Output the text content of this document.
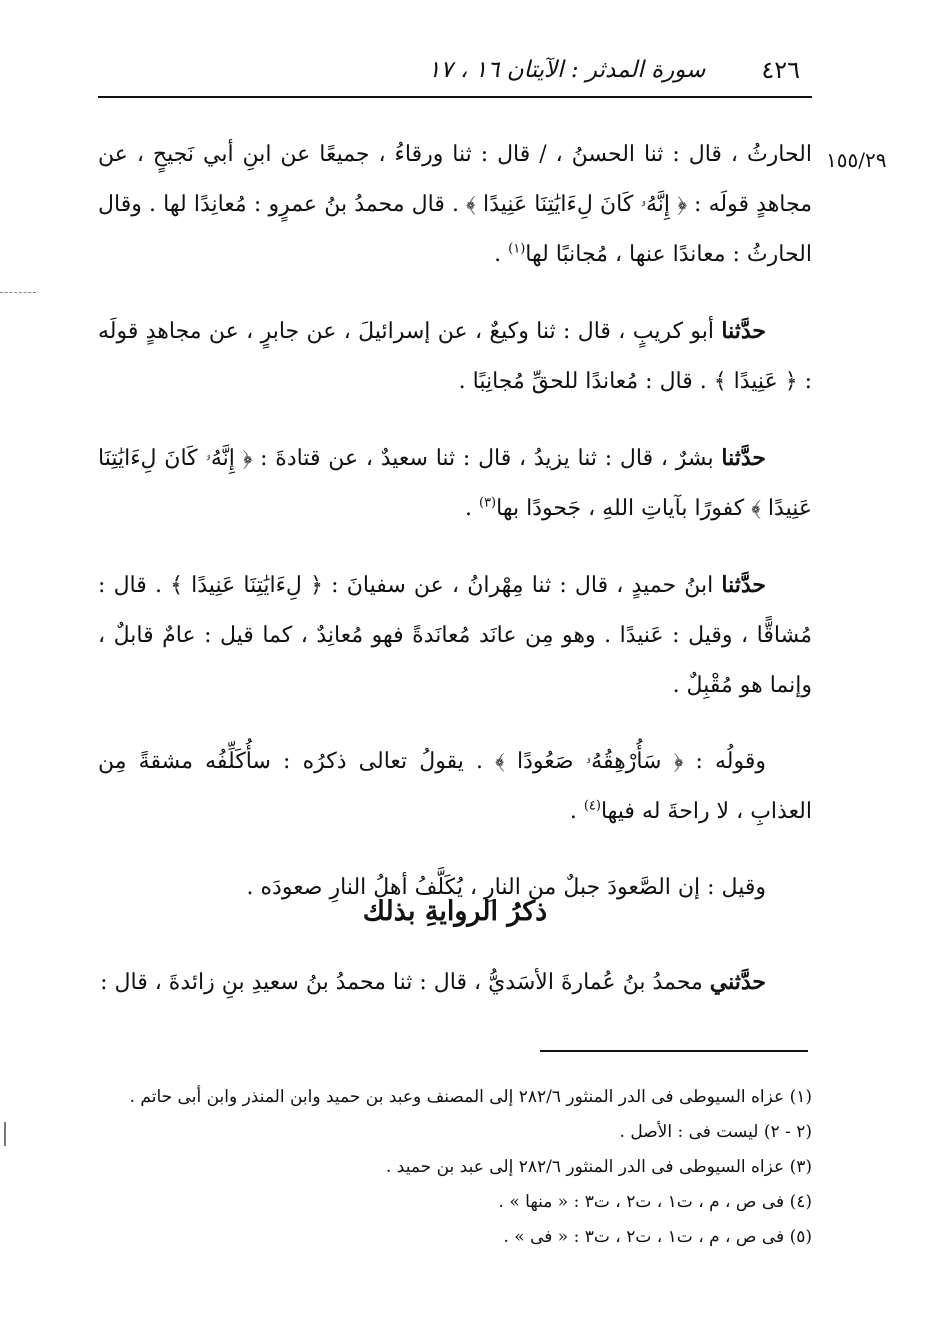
٤٢٦
سورة المدثر : الآيتان ١٦ ، ١٧
١٥٥/٢٩

الحارثُ ، قال : ثنا الحسنُ ، / قال : ثنا ورقاءُ ، جميعًا عن ابنِ أبي نَجيحٍ ، عن مجاهدٍ قولَه : ﴿ إِنَّهُۥ كَانَ لِءَايَٰتِنَا عَنِيدًا ﴾ . قال محمدُ بنُ عمرٍو : مُعانِدًا لها . وقال الحارثُ : معاندًا عنها ، مُجانبًا لها$^{(١)}$ .

حدَّثنا أبو كريبٍ ، قال : ثنا وكيعٌ ، عن إسرائيلَ ، عن جابرٍ ، عن مجاهدٍ قولَه : ﴿ عَنِيدًا ﴾ . قال : مُعاندًا للحقِّ مُجانِبًا .

حدَّثنا بشرٌ ، قال : ثنا يزيدُ ، قال : ثنا سعيدٌ ، عن قتادةَ : ﴿ إِنَّهُۥ كَانَ لِءَايَٰتِنَا عَنِيدًا ﴾ كفورًا بآياتِ اللهِ ، جَحودًا بها$^{(٣)}$ .

حدَّثنا ابنُ حميدٍ ، قال : ثنا مِهْرانُ ، عن سفيانَ : ﴿ لِءَايَٰتِنَا عَنِيدًا ﴾ . قال : مُشاقًّا ، وقيل : عَنيدًا . وهو مِن عانَد مُعانَدةً فهو مُعانِدٌ ، كما قيل : عامٌ قابلٌ ، وإنما هو مُقْبِلٌ .

وقولُه : ﴿ سَأُرْهِقُهُۥ صَعُودًا ﴾ . يقولُ تعالى ذكرُه : سأُكَلِّفُه مشقةً مِن العذابِ ، لا راحةَ له فيها$^{(٤)}$ .

وقيل : إن الصَّعودَ جبلٌ من النارِ ، يُكَلَّفُ أهلُ النارِ صعودَه .

ذكرُ الروايةِ بذلك
حدَّثني محمدُ بنُ عُمارةَ الأسَديُّ ، قال : ثنا محمدُ بنُ سعيدِ بنِ زائدةَ ، قال :
(١) عزاه السيوطى فى الدر المنثور ٢٨٢/٦ إلى المصنف وعبد بن حميد وابن المنذر وابن أبى حاتم .
(٢ - ٢) ليست فى : الأصل .
(٣) عزاه السيوطى فى الدر المنثور ٢٨٢/٦ إلى عبد بن حميد .
(٤) فى ص ، م ، ت١ ، ت٢ ، ت٣ : « منها » .
(٥) فى ص ، م ، ت١ ، ت٢ ، ت٣ : « فى » .
